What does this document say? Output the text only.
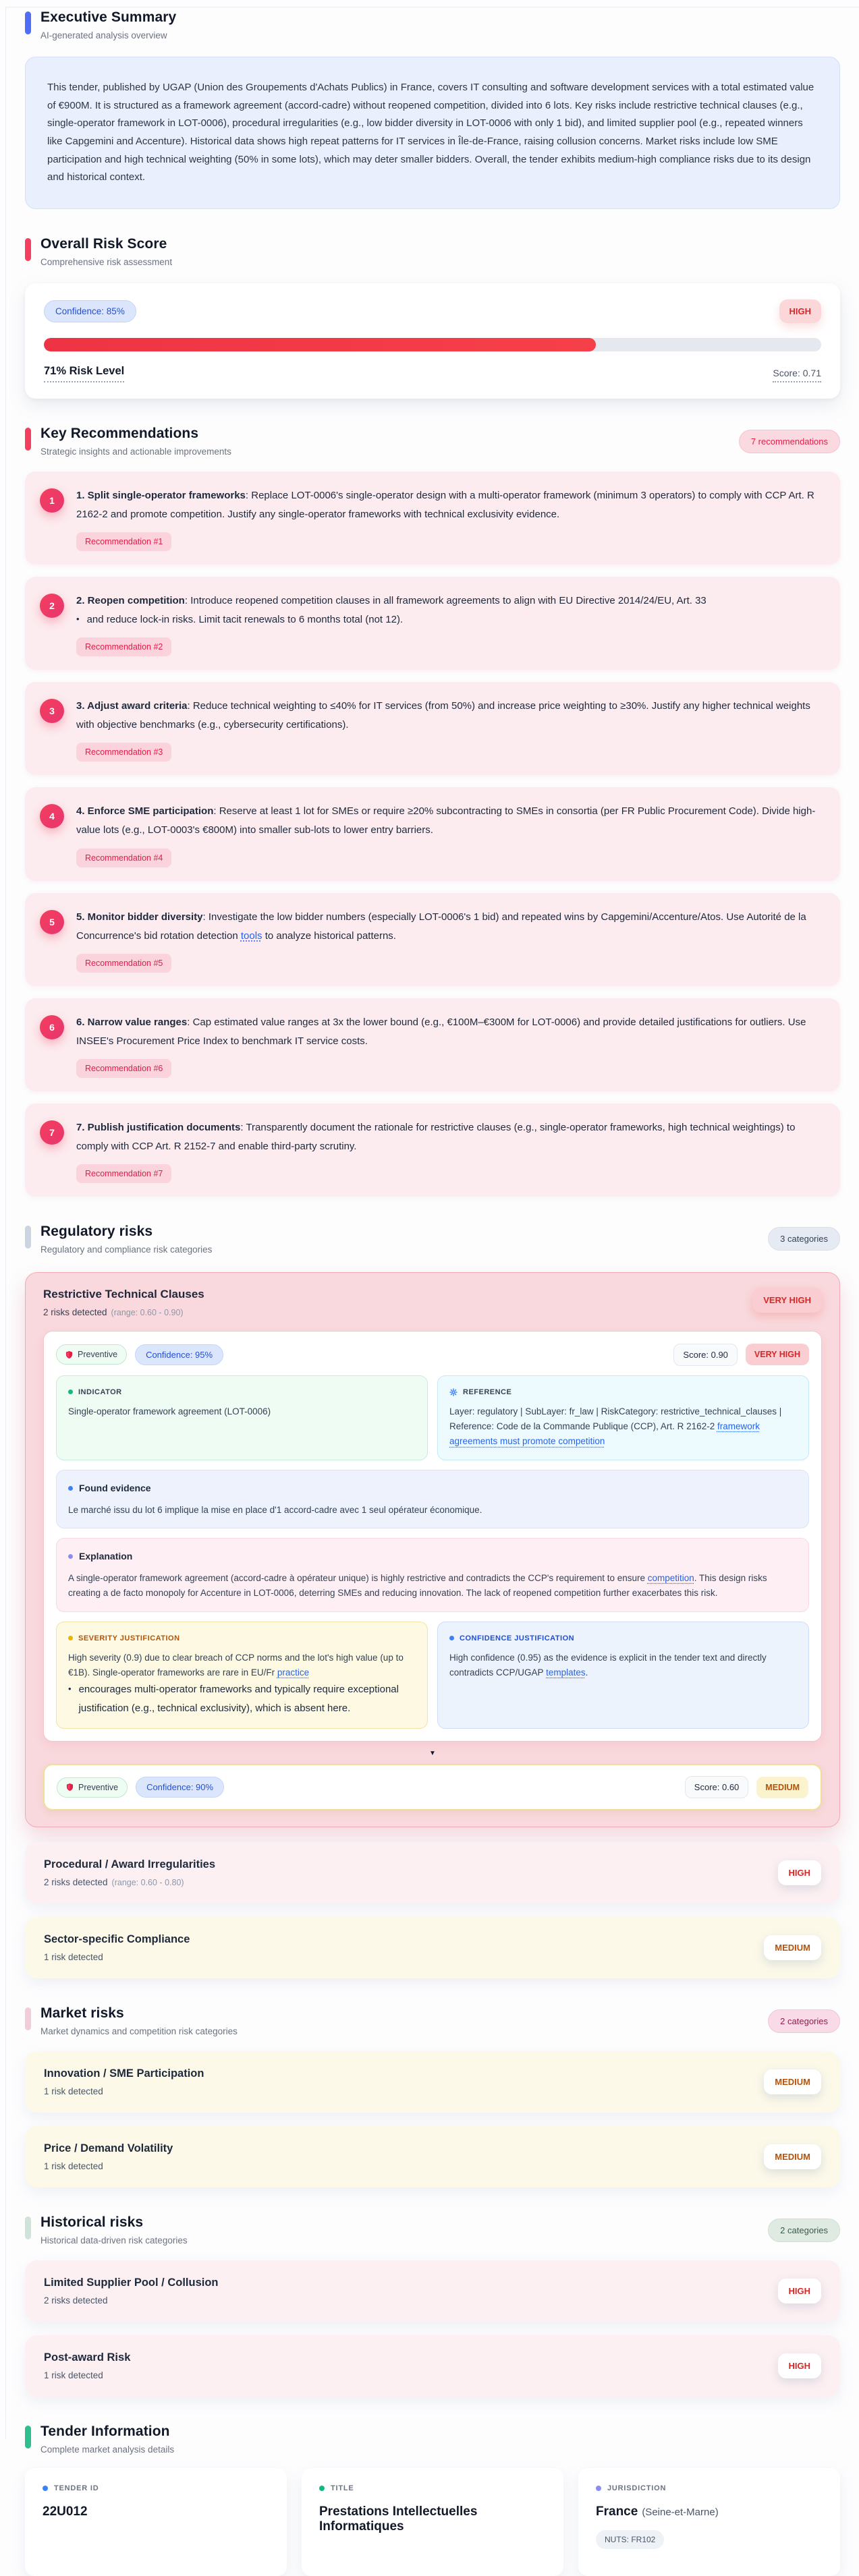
Executive Summary

AI-generated analysis overview

This tender, published by UGAP (Union des Groupements d'Achats Publics) in France, covers IT consulting and software development services with a total estimated value of €900M. It is structured as a framework agreement (accord-cadre) without reopened competition, divided into 6 lots. Key risks include restrictive technical clauses (e.g., single-operator framework in LOT-0006), procedural irregularities (e.g., low bidder diversity in LOT-0006 with only 1 bid), and limited supplier pool (e.g., repeated winners like Capgemini and Accenture). Historical data shows high repeat patterns for IT services in Île-de-France, raising collusion concerns. Market risks include low SME participation and high technical weighting (50% in some lots), which may deter smaller bidders. Overall, the tender exhibits medium-high compliance risks due to its design and historical context.
Overall Risk Score

Comprehensive risk assessment

Confidence: 85%	HIGH
71% Risk Level	Score: 0.71
Key Recommendations

Strategic insights and actionable improvements

7 recommendations
1	1. Split single-operator frameworks: Replace LOT-0006's single-operator design with a multi-operator framework (minimum 3 operators) to comply with CCP Art. R 2162-2 and promote competition. Justify any single-operator frameworks with technical exclusivity evidence.
Recommendation #1
2	2. Reopen competition: Introduce reopened competition clauses in all framework agreements to align with EU Directive 2014/24/EU, Art. 33
• and reduce lock-in risks. Limit tacit renewals to 6 months total (not 12).
Recommendation #2
3	3. Adjust award criteria: Reduce technical weighting to ≤40% for IT services (from 50%) and increase price weighting to ≥30%. Justify any higher technical weights with objective benchmarks (e.g., cybersecurity certifications).
Recommendation #3
4	4. Enforce SME participation: Reserve at least 1 lot for SMEs or require ≥20% subcontracting to SMEs in consortia (per FR Public Procurement Code). Divide high-value lots (e.g., LOT-0003's €800M) into smaller sub-lots to lower entry barriers.
Recommendation #4
5	5. Monitor bidder diversity: Investigate the low bidder numbers (especially LOT-0006's 1 bid) and repeated wins by Capgemini/Accenture/Atos. Use Autorité de la Concurrence's bid rotation detection tools to analyze historical patterns.
Recommendation #5
6	6. Narrow value ranges: Cap estimated value ranges at 3x the lower bound (e.g., €100M–€300M for LOT-0006) and provide detailed justifications for outliers. Use INSEE's Procurement Price Index to benchmark IT service costs.
Recommendation #6
7	7. Publish justification documents: Transparently document the rationale for restrictive clauses (e.g., single-operator frameworks, high technical weightings) to comply with CCP Art. R 2152-7 and enable third-party scrutiny.
Recommendation #7
Regulatory risks

Regulatory and compliance risk categories

3 categories
Restrictive Technical Clauses
2 risks detected (range: 0.60 - 0.90)
VERY HIGH
Preventive	Confidence: 95%	Score: 0.90	VERY HIGH
INDICATOR
Single-operator framework agreement (LOT-0006)
REFERENCE
Layer: regulatory | SubLayer: fr_law | RiskCategory: restrictive_technical_clauses | Reference: Code de la Commande Publique (CCP), Art. R 2162-2 framework agreements must promote competition
Found evidence
Le marché issu du lot 6 implique la mise en place d'1 accord-cadre avec 1 seul opérateur économique.
Explanation
A single-operator framework agreement (accord-cadre à opérateur unique) is highly restrictive and contradicts the CCP's requirement to ensure competition. This design risks creating a de facto monopoly for Accenture in LOT-0006, deterring SMEs and reducing innovation. The lack of reopened competition further exacerbates this risk.
SEVERITY JUSTIFICATION
High severity (0.9) due to clear breach of CCP norms and the lot's high value (up to €1B). Single-operator frameworks are rare in EU/Fr practice
• encourages multi-operator frameworks and typically require exceptional justification (e.g., technical exclusivity), which is absent here.
CONFIDENCE JUSTIFICATION
High confidence (0.95) as the evidence is explicit in the tender text and directly contradicts CCP/UGAP templates.
▼
Preventive	Confidence: 90%	Score: 0.60	MEDIUM
Procedural / Award Irregularities
2 risks detected (range: 0.60 - 0.80)
HIGH
Sector-specific Compliance
1 risk detected
MEDIUM
Market risks

Market dynamics and competition risk categories

2 categories
Innovation / SME Participation
1 risk detected
MEDIUM
Price / Demand Volatility
1 risk detected
MEDIUM
Historical risks

Historical data-driven risk categories

2 categories
Limited Supplier Pool / Collusion
2 risks detected
HIGH
Post-award Risk
1 risk detected
HIGH
Tender Information

Complete market analysis details

TENDER ID
22U012
TITLE
Prestations Intellectuelles Informatiques
JURISDICTION
France (Seine-et-Marne)
NUTS: FR102
